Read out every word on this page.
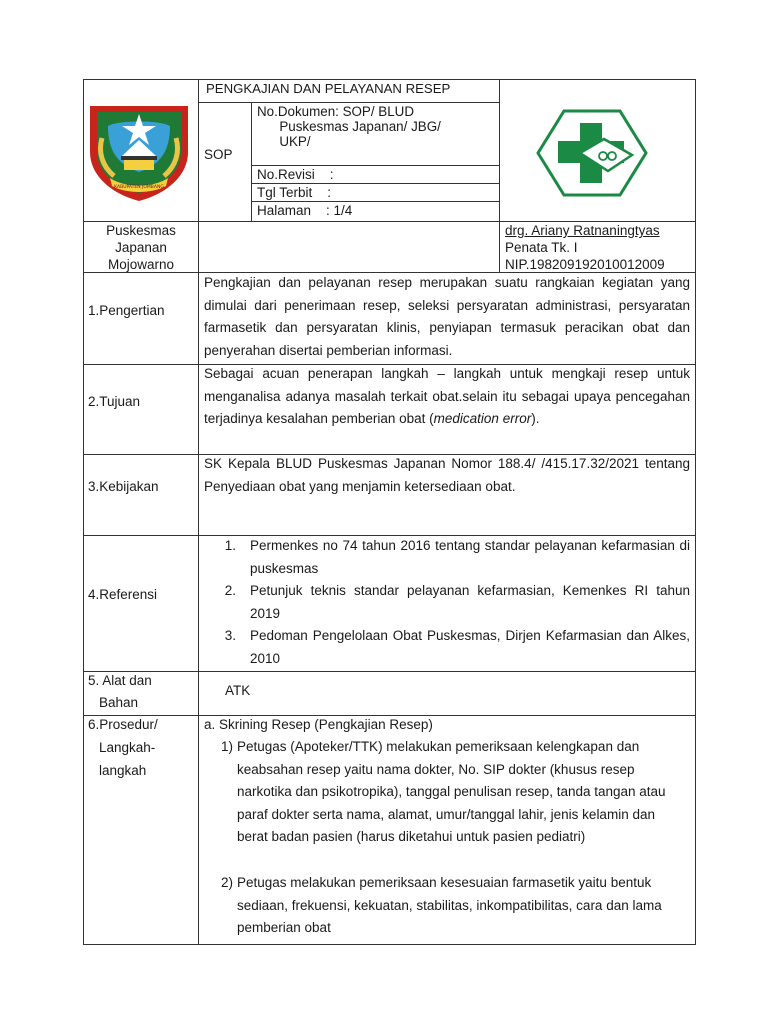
KABUPATEN JOMBANG
PENGKAJIAN DAN PELAYANAN RESEP
SOP
No.Dokumen: SOP/ BLUD
Puskesmas Japanan/ JBG/
UKP/
No.Revisi    :
Tgl Terbit    :
Halaman    : 1/4
Puskesmas
Japanan
Mojowarno
drg. Ariany Ratnaningtyas
Penata Tk. I
NIP.198209192010012009
1.Pengertian
Pengkajian dan pelayanan resep merupakan suatu rangkaian kegiatan yang dimulai dari penerimaan resep, seleksi persyaratan administrasi, persyaratan farmasetik dan persyaratan klinis, penyiapan termasuk peracikan obat dan penyerahan disertai pemberian informasi.
2.Tujuan
Sebagai acuan penerapan langkah – langkah untuk mengkaji resep untuk menganalisa adanya masalah terkait obat.selain itu sebagai upaya pencegahan terjadinya kesalahan pemberian obat (medication error).
3.Kebijakan
SK Kepala BLUD Puskesmas Japanan Nomor 188.4/ /415.17.32/2021 tentang Penyediaan obat yang menjamin ketersediaan obat.
4.Referensi
1. Permenkes no 74 tahun 2016 tentang standar pelayanan kefarmasian di puskesmas
2. Petunjuk teknis standar pelayanan kefarmasian, Kemenkes RI tahun 2019
3. Pedoman Pengelolaan Obat Puskesmas, Dirjen Kefarmasian dan Alkes, 2010
5. Alat dan
Bahan
ATK
6.Prosedur/
Langkah-
langkah
a. Skrining Resep (Pengkajian Resep)
1) Petugas (Apoteker/TTK) melakukan pemeriksaan kelengkapan dan keabsahan resep yaitu nama dokter, No. SIP dokter (khusus resep narkotika dan psikotropika), tanggal penulisan resep, tanda tangan atau paraf dokter serta nama, alamat, umur/tanggal lahir, jenis kelamin dan berat badan pasien (harus diketahui untuk pasien pediatri)
2) Petugas melakukan pemeriksaan kesesuaian farmasetik yaitu bentuk sediaan, frekuensi, kekuatan, stabilitas, inkompatibilitas, cara dan lama pemberian obat
